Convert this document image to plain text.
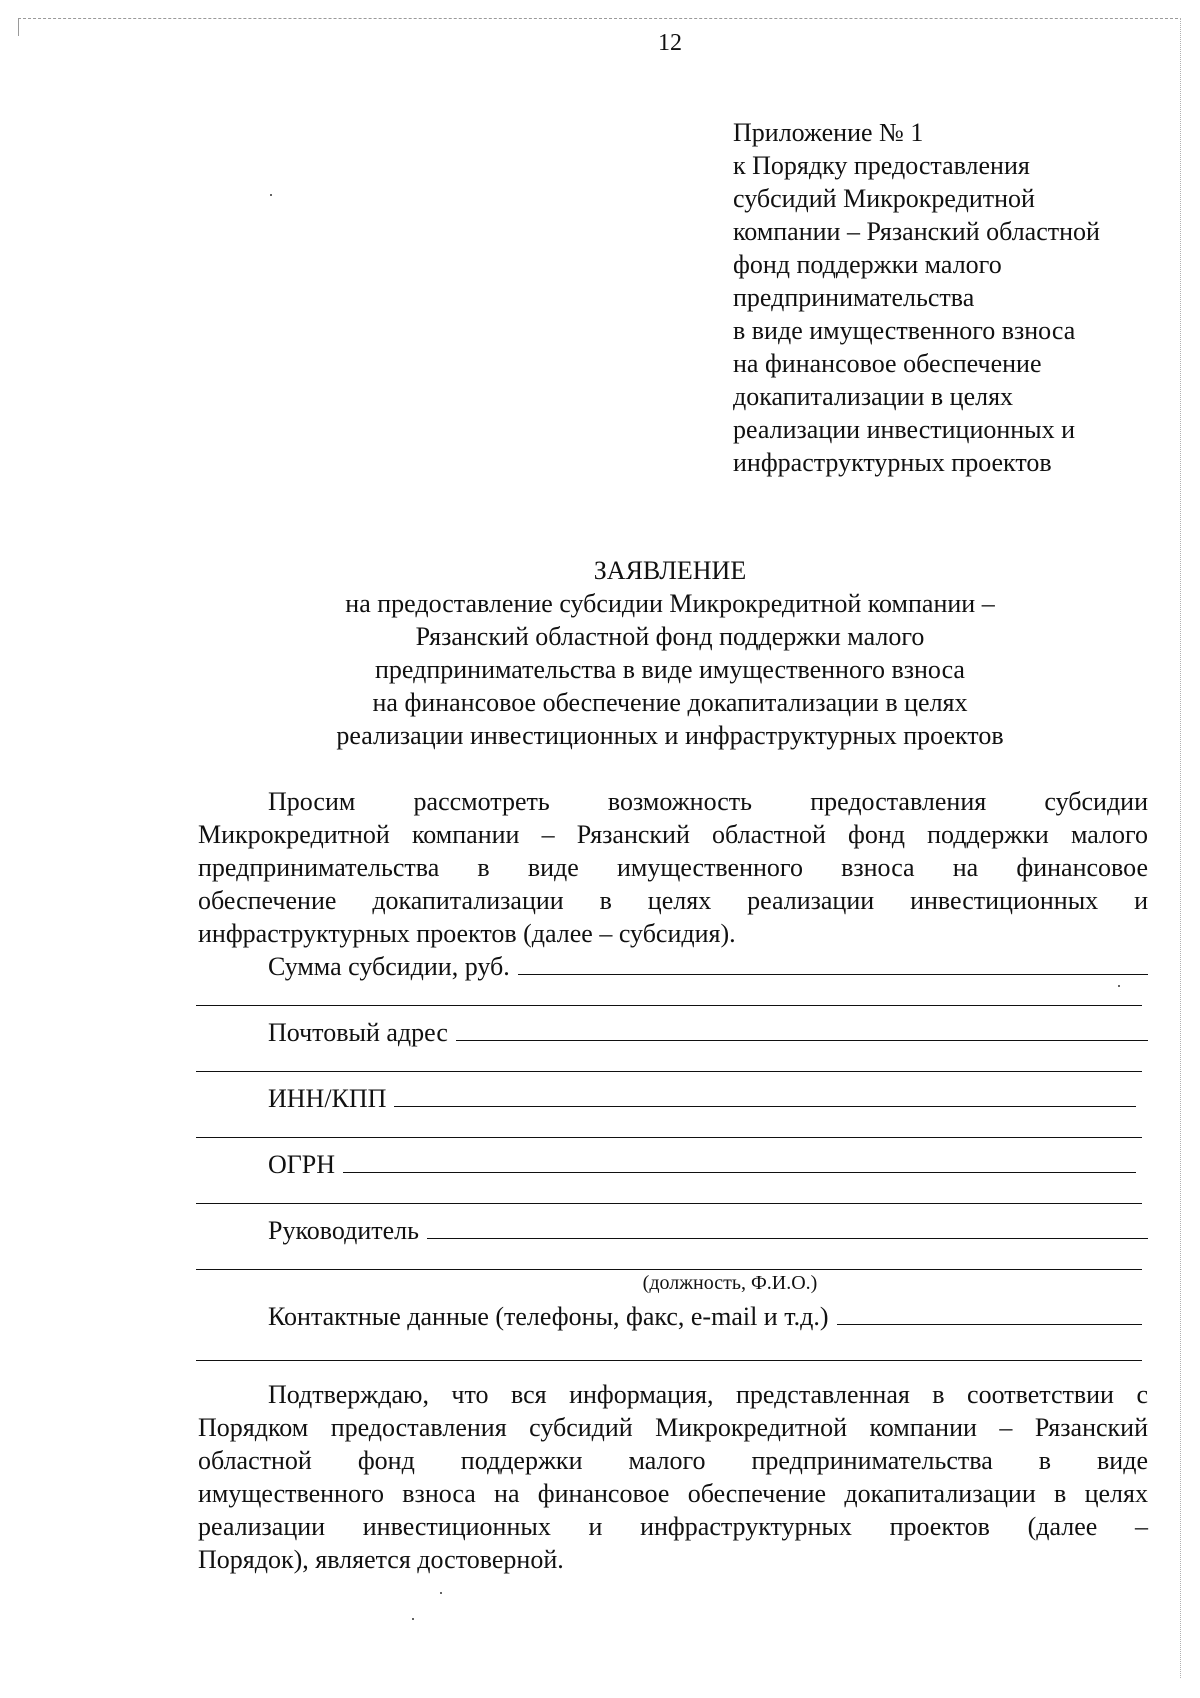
12
Приложение № 1
к Порядку предоставления
субсидий Микрокредитной
компании – Рязанский областной
фонд поддержки малого
предпринимательства
в виде имущественного взноса
на финансовое обеспечение
докапитализации в целях
реализации инвестиционных и
инфраструктурных проектов
ЗАЯВЛЕНИЕ
на предоставление субсидии Микрокредитной компании –
Рязанский областной фонд поддержки малого
предпринимательства в виде имущественного взноса
на финансовое обеспечение докапитализации в целях
реализации инвестиционных и инфраструктурных проектов
Просим рассмотреть возможность предоставления субсидии
Микрокредитной компании – Рязанский областной фонд поддержки малого
предпринимательства в виде имущественного взноса на финансовое
обеспечение докапитализации в целях реализации инвестиционных и
инфраструктурных проектов (далее – субсидия).
Сумма субсидии, руб.
Почтовый адрес
ИНН/КПП
ОГРН
Руководитель
(должность, Ф.И.О.)
Контактные данные (телефоны, факс, e-mail и т.д.)
Подтверждаю, что вся информация, представленная в соответствии с
Порядком предоставления субсидий Микрокредитной компании – Рязанский
областной фонд поддержки малого предпринимательства в виде
имущественного взноса на финансовое обеспечение докапитализации в целях
реализации инвестиционных и инфраструктурных проектов (далее –
Порядок), является достоверной.
